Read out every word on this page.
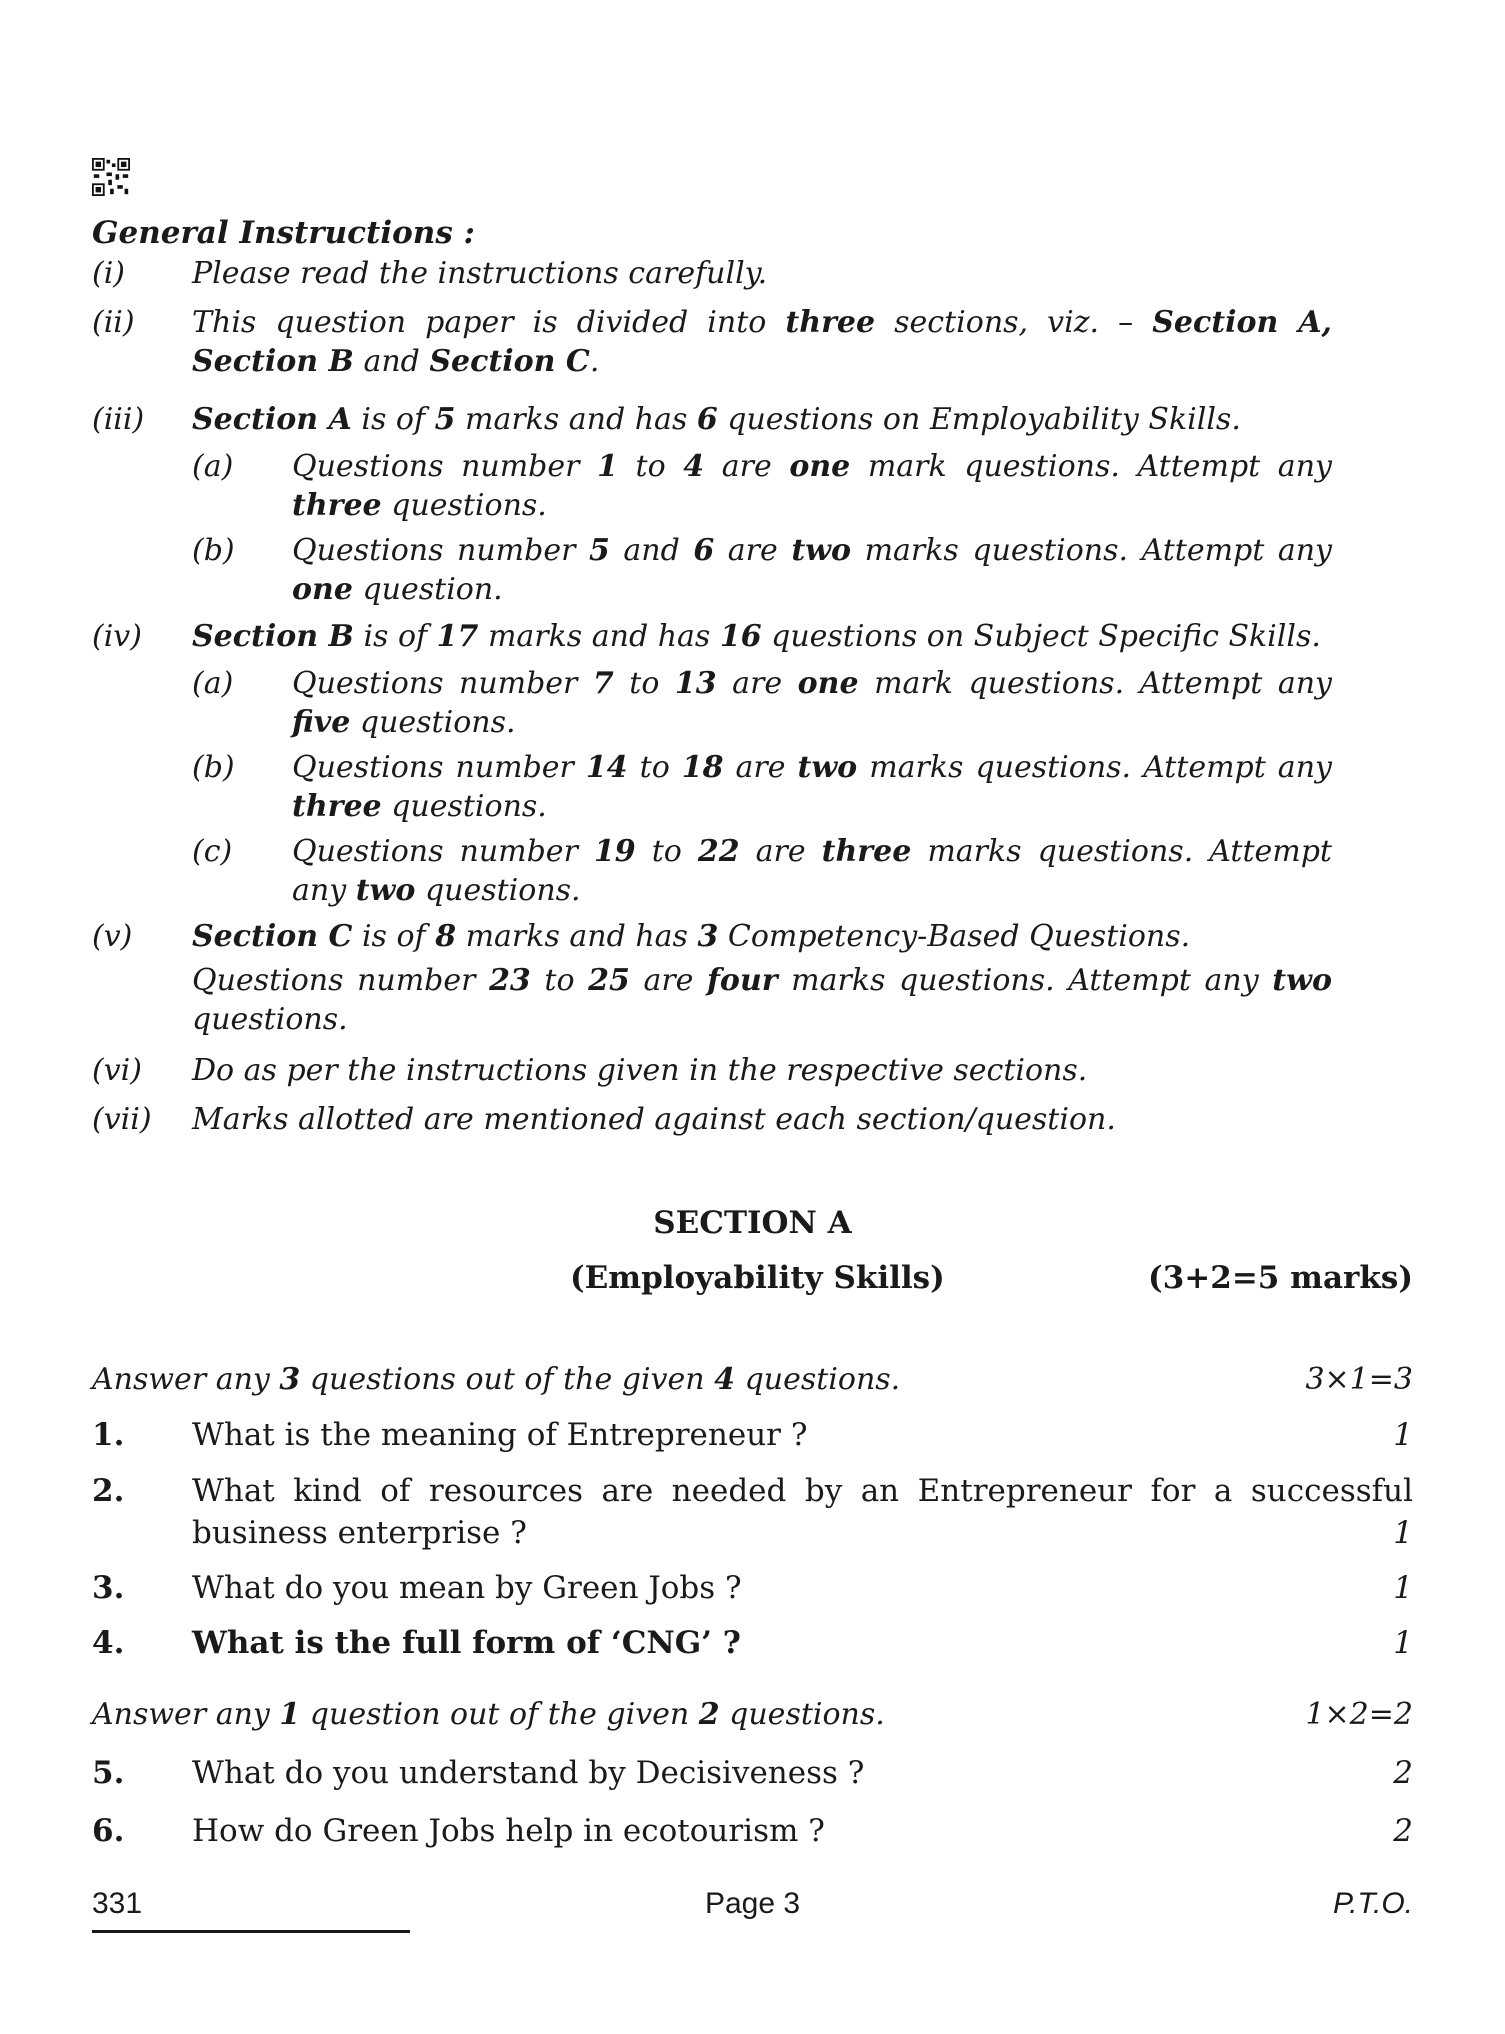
General Instructions :
(i) Please read the instructions carefully.
(ii) This question paper is divided into three sections, viz. – Section A, Section B and Section C.
(iii) Section A is of 5 marks and has 6 questions on Employability Skills.
(a) Questions number 1 to 4 are one mark questions. Attempt any three questions.
(b) Questions number 5 and 6 are two marks questions. Attempt any one question.
(iv) Section B is of 17 marks and has 16 questions on Subject Specific Skills.
(a) Questions number 7 to 13 are one mark questions. Attempt any five questions.
(b) Questions number 14 to 18 are two marks questions. Attempt any three questions.
(c) Questions number 19 to 22 are three marks questions. Attempt any two questions.
(v) Section C is of 8 marks and has 3 Competency-Based Questions.
Questions number 23 to 25 are four marks questions. Attempt any two questions.
(vi) Do as per the instructions given in the respective sections.
(vii) Marks allotted are mentioned against each section/question.
SECTION A
(Employability Skills)	(3+2=5 marks)
Answer any 3 questions out of the given 4 questions.	3×1=3
1. What is the meaning of Entrepreneur ?	1
2. What kind of resources are needed by an Entrepreneur for a successful business enterprise ?	1
3. What do you mean by Green Jobs ?	1
4. What is the full form of ‘CNG’ ?	1
Answer any 1 question out of the given 2 questions.	1×2=2
5. What do you understand by Decisiveness ?	2
6. How do Green Jobs help in ecotourism ?	2
331	Page 3	P.T.O.
